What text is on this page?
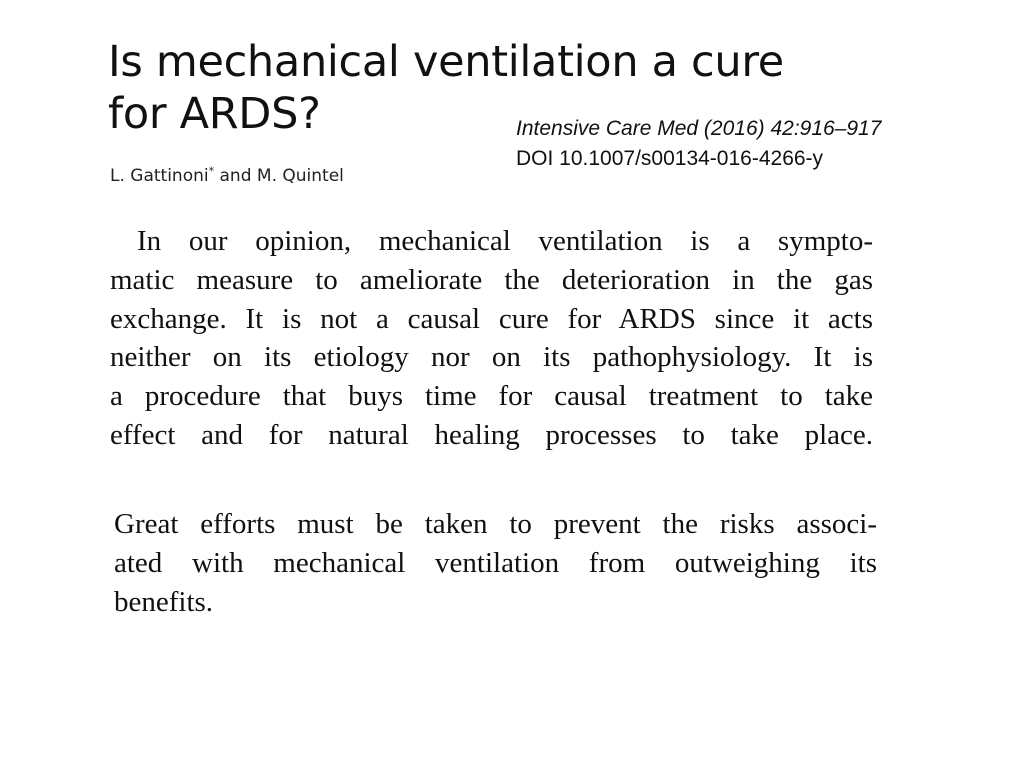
Is mechanical ventilation a cure
for ARDS?
L. Gattinoni* and M. Quintel
Intensive Care Med (2016) 42:916–917
DOI 10.1007/s00134-016-4266-y
In our opinion, mechanical ventilation is a sympto-
matic measure to ameliorate the deterioration in the gas
exchange. It is not a causal cure for ARDS since it acts
neither on its etiology nor on its pathophysiology. It is
a procedure that buys time for causal treatment to take
effect and for natural healing processes to take place.
Great efforts must be taken to prevent the risks associ-
ated with mechanical ventilation from outweighing its
benefits.
